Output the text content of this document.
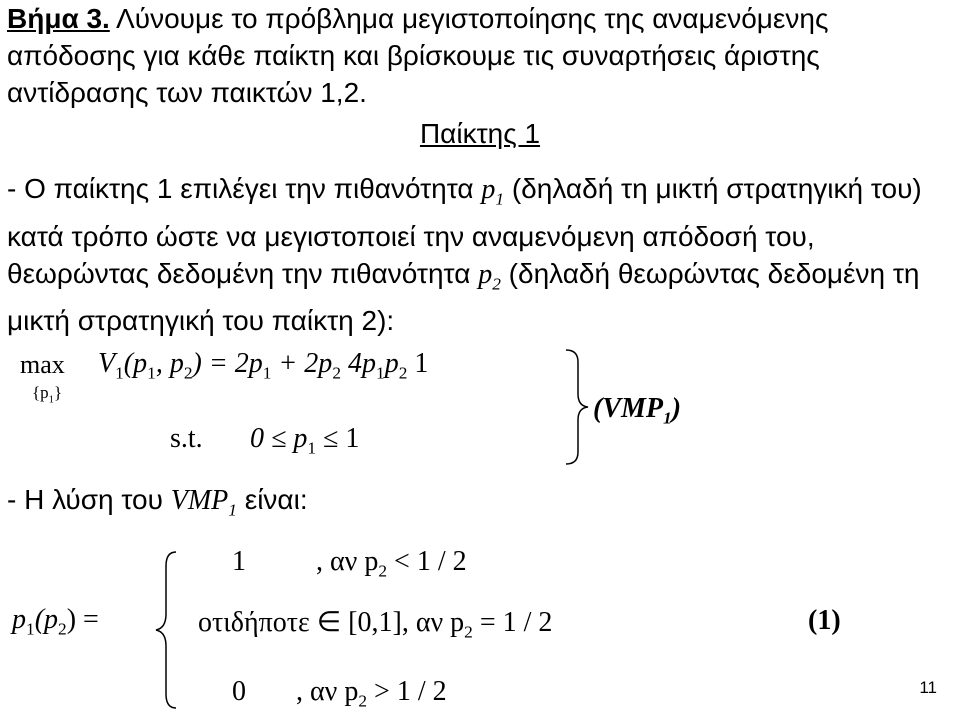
Βήμα 3. Λύνουμε το πρόβλημα μεγιστοποίησης της αναμενόμενης απόδοσης για κάθε παίκτη και βρίσκουμε τις συναρτήσεις άριστης αντίδρασης των παικτών 1,2.
Παίκτης 1
- Ο παίκτης 1 επιλέγει την πιθανότητα $p_1$ (δηλαδή τη μικτή στρατηγική του) κατά τρόπο ώστε να μεγιστοποιεί την αναμενόμενη απόδοσή του, θεωρώντας δεδομένη την πιθανότητα $p_2$ (δηλαδή θεωρώντας δεδομένη τη μικτή στρατηγική του παίκτη 2):
max
$\{p_1\}$
$V_1(p_1$, $p_2) = 2p_1 + 2p_2$ $4p_1p_2$ 1
s.t. $0 \le p_1 \le 1$
$(VMP_1)$
- Η λύση του $VMP_1$ είναι:
$p_1(p_2)$ =
1	, αν $p_2 < 1 / 2$
οτιδήποτε ∈ [0,1], αν $p_2 = 1 / 2$
0 , αν $p_2 > 1 / 2$
(1)
11
